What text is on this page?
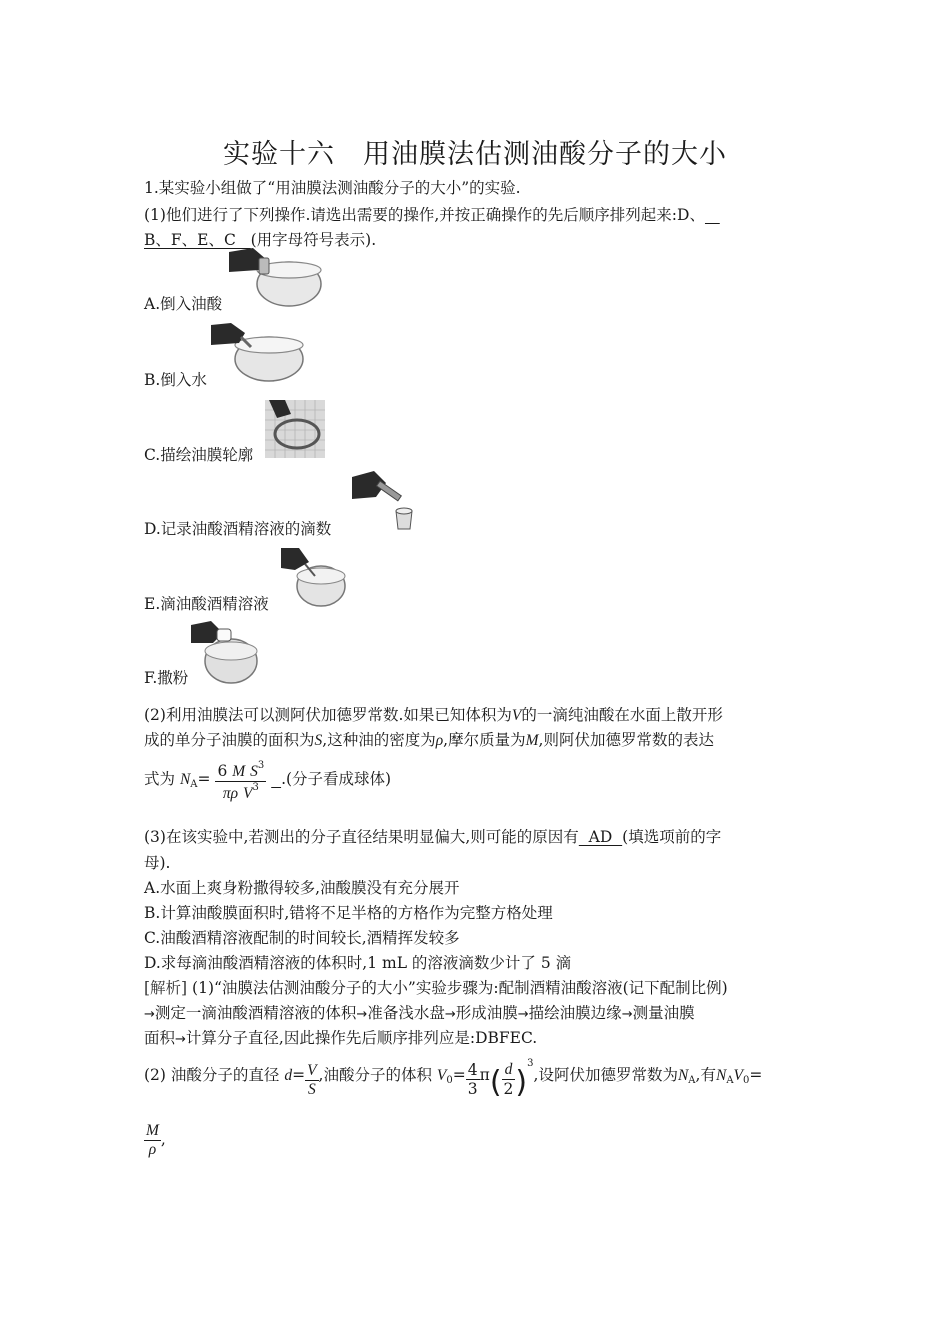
实验十六　用油膜法估测油酸分子的大小
1.某实验小组做了“用油膜法测油酸分子的大小”的实验.
(1)他们进行了下列操作.请选出需要的操作,并按正确操作的先后顺序排列起来:D、
B、F、E、C   (用字母符号表示).
A.倒入油酸
B.倒入水
C.描绘油膜轮廓
D.记录油酸酒精溶液的滴数
E.滴油酸酒精溶液
F.撒粉
(2)利用油膜法可以测阿伏加德罗常数.如果已知体积为V的一滴纯油酸在水面上散开形
成的单分子油膜的面积为S,这种油的密度为ρ,摩尔质量为M,则阿伏加德罗常数的表达
式为 $N_A= \frac{6 M S^3}{\pi\rho V^3}$ .(分子看成球体)
(3)在该实验中,若测出的分子直径结果明显偏大,则可能的原因有  AD  (填选项前的字
母).
A.水面上爽身粉撒得较多,油酸膜没有充分展开
B.计算油酸膜面积时,错将不足半格的方格作为完整方格处理
C.油酸酒精溶液配制的时间较长,酒精挥发较多
D.求每滴油酸酒精溶液的体积时,1 mL 的溶液滴数少计了 5 滴
[解析] (1)“油膜法估测油酸分子的大小”实验步骤为:配制酒精油酸溶液(记下配制比例)
→测定一滴油酸酒精溶液的体积→准备浅水盘→形成油膜→描绘油膜边缘→测量油膜
面积→计算分子直径,因此操作先后顺序排列应是:DBFEC.
(2) 油酸分子的直径 $d= \frac{V}{S}$ ,油酸分子的体积 $V_0= \frac{4}{3} \pi( \frac{d}{2} )^3$,设阿伏加德罗常数为$N_A$,有$N_AV_0=$
$\frac{M}{\rho}$ ,
